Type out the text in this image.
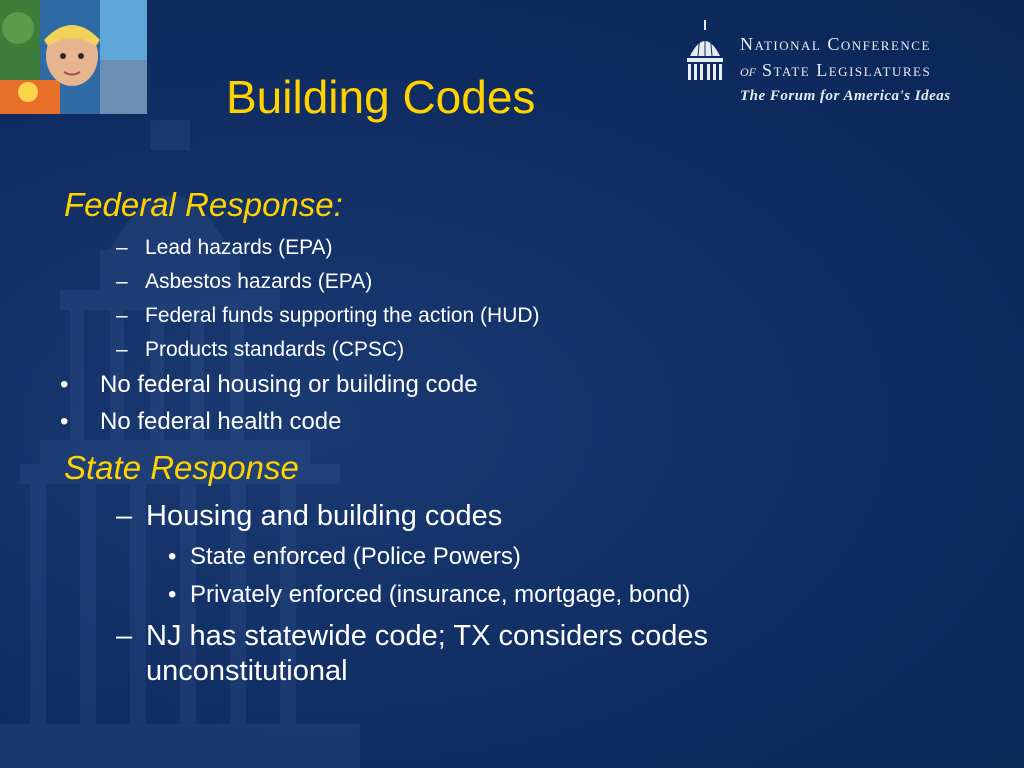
Building Codes
National Conference
of State Legislatures
The Forum for America's Ideas
Federal Response:
– Lead hazards (EPA)
– Asbestos hazards (EPA)
– Federal funds supporting the action (HUD)
– Products standards (CPSC)
• No federal housing or building code
• No federal health code
State Response
– Housing and building codes
• State enforced (Police Powers)
• Privately enforced (insurance, mortgage, bond)
– NJ has statewide code; TX considers codes
unconstitutional
